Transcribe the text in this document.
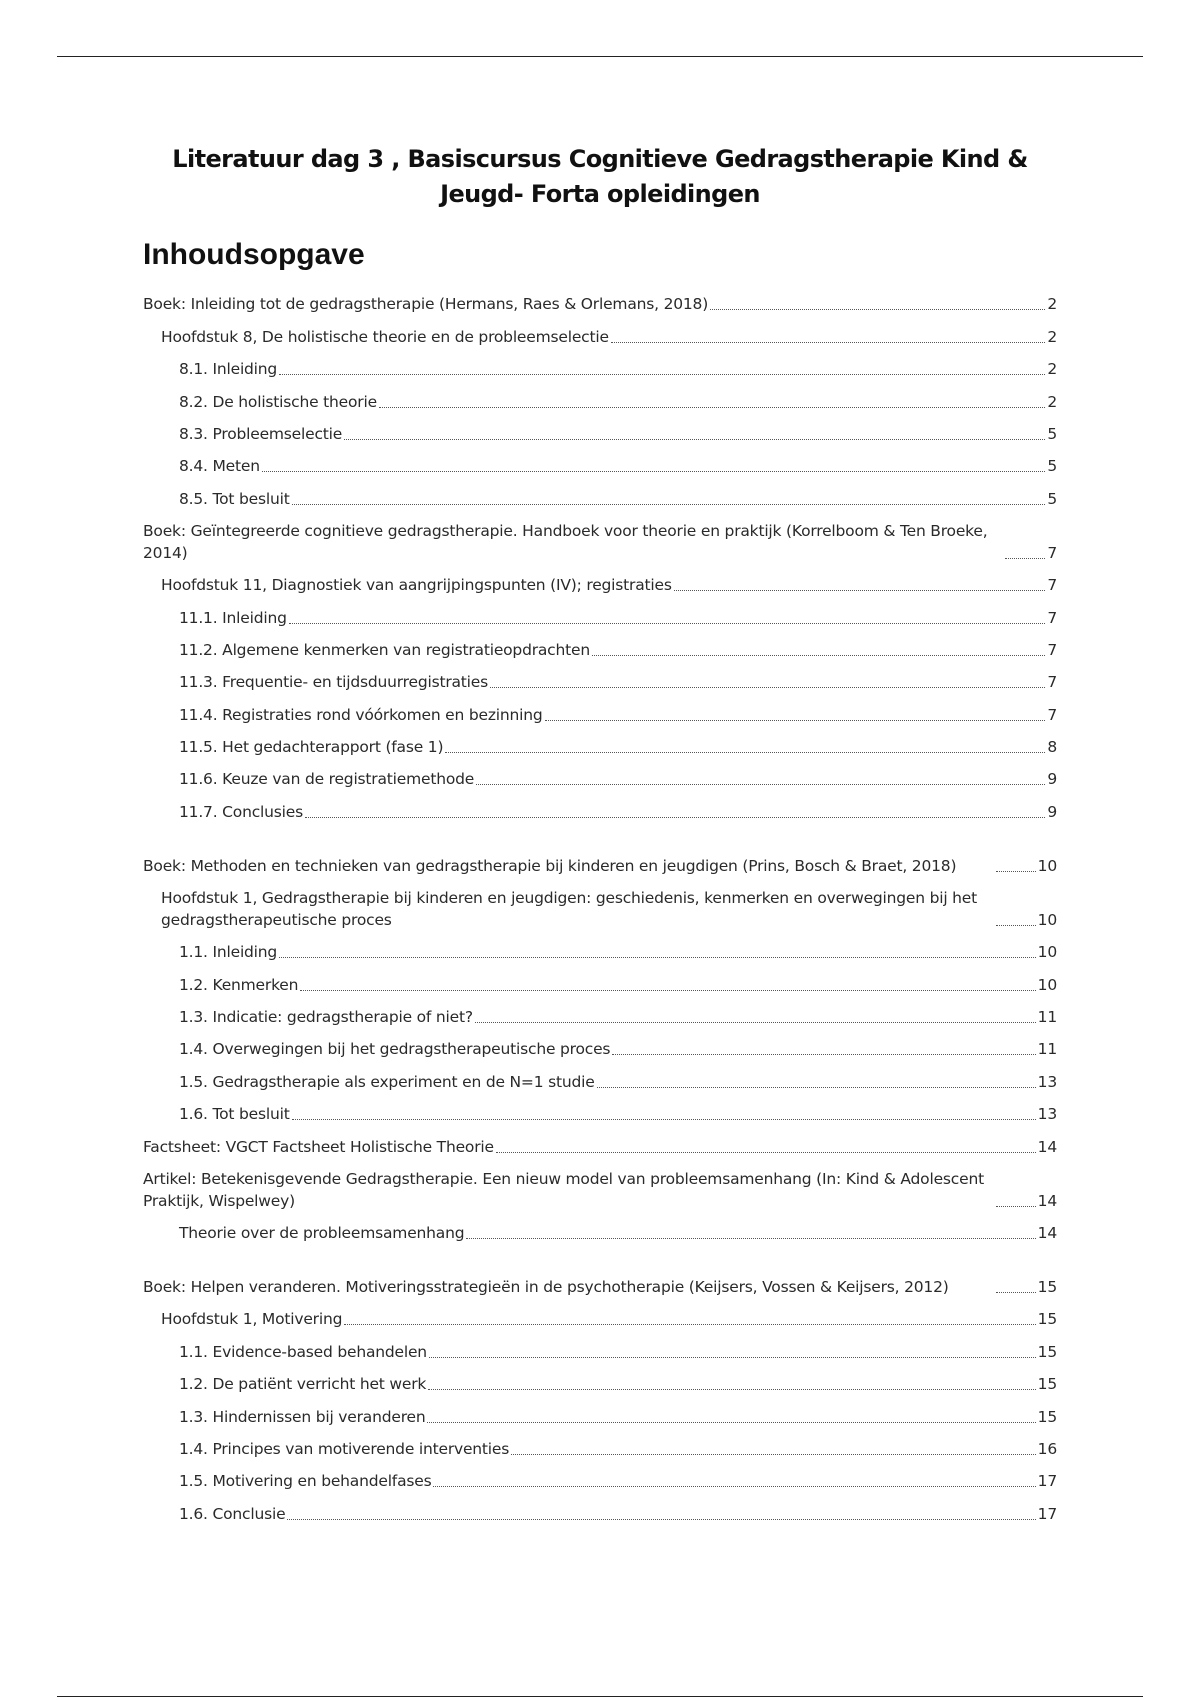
Literatuur dag 3 , Basiscursus Cognitieve Gedragstherapie Kind & Jeugd- Forta opleidingen
Inhoudsopgave
Boek: Inleiding tot de gedragstherapie (Hermans, Raes & Orlemans, 2018)	2
Hoofdstuk 8, De holistische theorie en de probleemselectie	2
8.1. Inleiding	2
8.2. De holistische theorie	2
8.3. Probleemselectie	5
8.4. Meten	5
8.5. Tot besluit	5
Boek: Geïntegreerde cognitieve gedragstherapie. Handboek voor theorie en praktijk (Korrelboom & Ten Broeke, 2014)	7
Hoofdstuk 11, Diagnostiek van aangrijpingspunten (IV); registraties	7
11.1. Inleiding	7
11.2. Algemene kenmerken van registratieopdrachten	7
11.3. Frequentie- en tijdsduurregistraties	7
11.4. Registraties rond vóórkomen en bezinning	7
11.5. Het gedachterapport (fase 1)	8
11.6. Keuze van de registratiemethode	9
11.7. Conclusies	9
Boek: Methoden en technieken van gedragstherapie bij kinderen en jeugdigen (Prins, Bosch & Braet, 2018)	10
Hoofdstuk 1, Gedragstherapie bij kinderen en jeugdigen: geschiedenis, kenmerken en overwegingen bij het gedragstherapeutische proces	10
1.1. Inleiding	10
1.2. Kenmerken	10
1.3. Indicatie: gedragstherapie of niet?	11
1.4. Overwegingen bij het gedragstherapeutische proces	11
1.5. Gedragstherapie als experiment en de N=1 studie	13
1.6. Tot besluit	13
Factsheet: VGCT Factsheet Holistische Theorie	14
Artikel: Betekenisgevende Gedragstherapie. Een nieuw model van probleemsamenhang (In: Kind & Adolescent Praktijk, Wispelwey)	14
Theorie over de probleemsamenhang	14
Boek: Helpen veranderen. Motiveringsstrategieën in de psychotherapie (Keijsers, Vossen & Keijsers, 2012)	15
Hoofdstuk 1, Motivering	15
1.1. Evidence-based behandelen	15
1.2. De patiënt verricht het werk	15
1.3. Hindernissen bij veranderen	15
1.4. Principes van motiverende interventies	16
1.5. Motivering en behandelfases	17
1.6. Conclusie	17
